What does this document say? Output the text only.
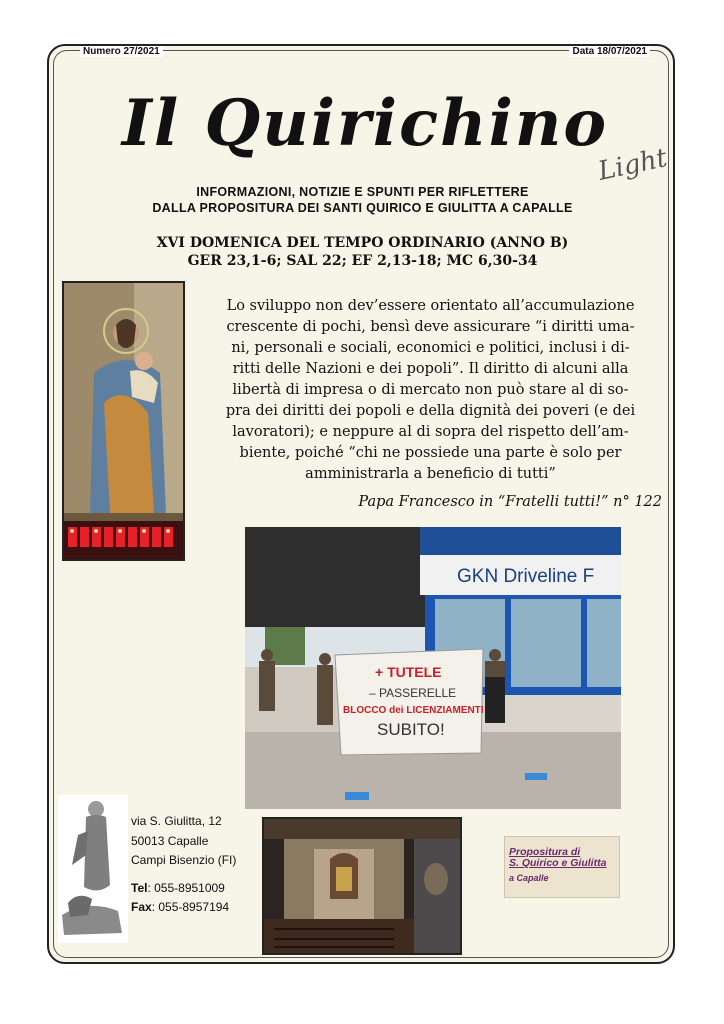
Numero 27/2021	Data 18/07/2021
Il Quirichino
Light
INFORMAZIONI, NOTIZIE E SPUNTI PER RIFLETTERE
DALLA PROPOSITURA DEI SANTI QUIRICO E GIULITTA A CAPALLE
XVI DOMENICA DEL TEMPO ORDINARIO (ANNO B)
GER 23,1-6; SAL 22; EF 2,13-18; MC 6,30-34
Lo sviluppo non dev’essere orientato all’accumulazione
crescente di pochi, bensì deve assicurare “i diritti uma-
ni, personali e sociali, economici e politici, inclusi i di-
ritti delle Nazioni e dei popoli”. Il diritto di alcuni alla
libertà di impresa o di mercato non può stare al di so-
pra dei diritti dei popoli e della dignità dei poveri (e dei
lavoratori); e neppure al di sopra del rispetto dell’am-
biente, poiché “chi ne possiede una parte è solo per
amministrarla a beneficio di tutti”
Papa Francesco in “Fratelli tutti!” n° 122
GKN Driveline F
+ TUTELE
– PASSERELLE
BLOCCO dei LICENZIAMENTI
SUBITO!
via S. Giulitta, 12
50013 Capalle
Campi Bisenzio (FI)
Tel: 055-8951009
Fax: 055-8957194
Propositura di
S. Quirico e Giulitta
a Capalle
